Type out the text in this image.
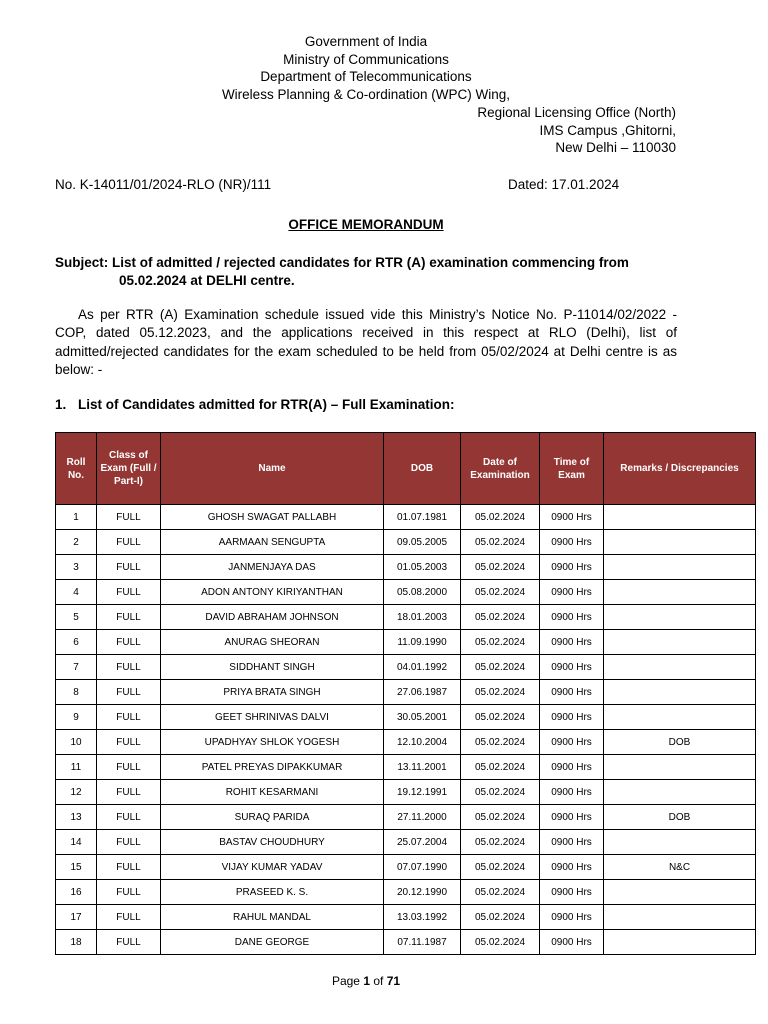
Government of India
Ministry of Communications
Department of Telecommunications
Wireless Planning & Co-ordination (WPC) Wing,
Regional Licensing Office (North)
IMS Campus ,Ghitorni,
New Delhi – 110030
No. K-14011/01/2024-RLO (NR)/111	Dated: 17.01.2024
OFFICE MEMORANDUM
Subject: List of admitted / rejected candidates for RTR (A) examination commencing from
05.02.2024 at DELHI centre.
As per RTR (A) Examination schedule issued vide this Ministry’s Notice No. P-11014/02/2022 - COP, dated 05.12.2023, and the applications received in this respect at RLO (Delhi), list of admitted/rejected candidates for the exam scheduled to be held from 05/02/2024 at Delhi centre is as below: -
1. List of Candidates admitted for RTR(A) – Full Examination:
Roll No.	Class of Exam (Full / Part-I)	Name	DOB	Date of Examination	Time of Exam	Remarks / Discrepancies
1	FULL	GHOSH SWAGAT PALLABH	01.07.1981	05.02.2024	0900 Hrs	
2	FULL	AARMAAN SENGUPTA	09.05.2005	05.02.2024	0900 Hrs	
3	FULL	JANMENJAYA DAS	01.05.2003	05.02.2024	0900 Hrs	
4	FULL	ADON ANTONY KIRIYANTHAN	05.08.2000	05.02.2024	0900 Hrs	
5	FULL	DAVID ABRAHAM JOHNSON	18.01.2003	05.02.2024	0900 Hrs	
6	FULL	ANURAG SHEORAN	11.09.1990	05.02.2024	0900 Hrs	
7	FULL	SIDDHANT SINGH	04.01.1992	05.02.2024	0900 Hrs	
8	FULL	PRIYA BRATA SINGH	27.06.1987	05.02.2024	0900 Hrs	
9	FULL	GEET SHRINIVAS DALVI	30.05.2001	05.02.2024	0900 Hrs	
10	FULL	UPADHYAY SHLOK YOGESH	12.10.2004	05.02.2024	0900 Hrs	DOB
11	FULL	PATEL PREYAS DIPAKKUMAR	13.11.2001	05.02.2024	0900 Hrs	
12	FULL	ROHIT KESARMANI	19.12.1991	05.02.2024	0900 Hrs	
13	FULL	SURAQ PARIDA	27.11.2000	05.02.2024	0900 Hrs	DOB
14	FULL	BASTAV CHOUDHURY	25.07.2004	05.02.2024	0900 Hrs	
15	FULL	VIJAY KUMAR YADAV	07.07.1990	05.02.2024	0900 Hrs	N&C
16	FULL	PRASEED K. S.	20.12.1990	05.02.2024	0900 Hrs	
17	FULL	RAHUL MANDAL	13.03.1992	05.02.2024	0900 Hrs	
18	FULL	DANE GEORGE	07.11.1987	05.02.2024	0900 Hrs	
Page 1 of 71
